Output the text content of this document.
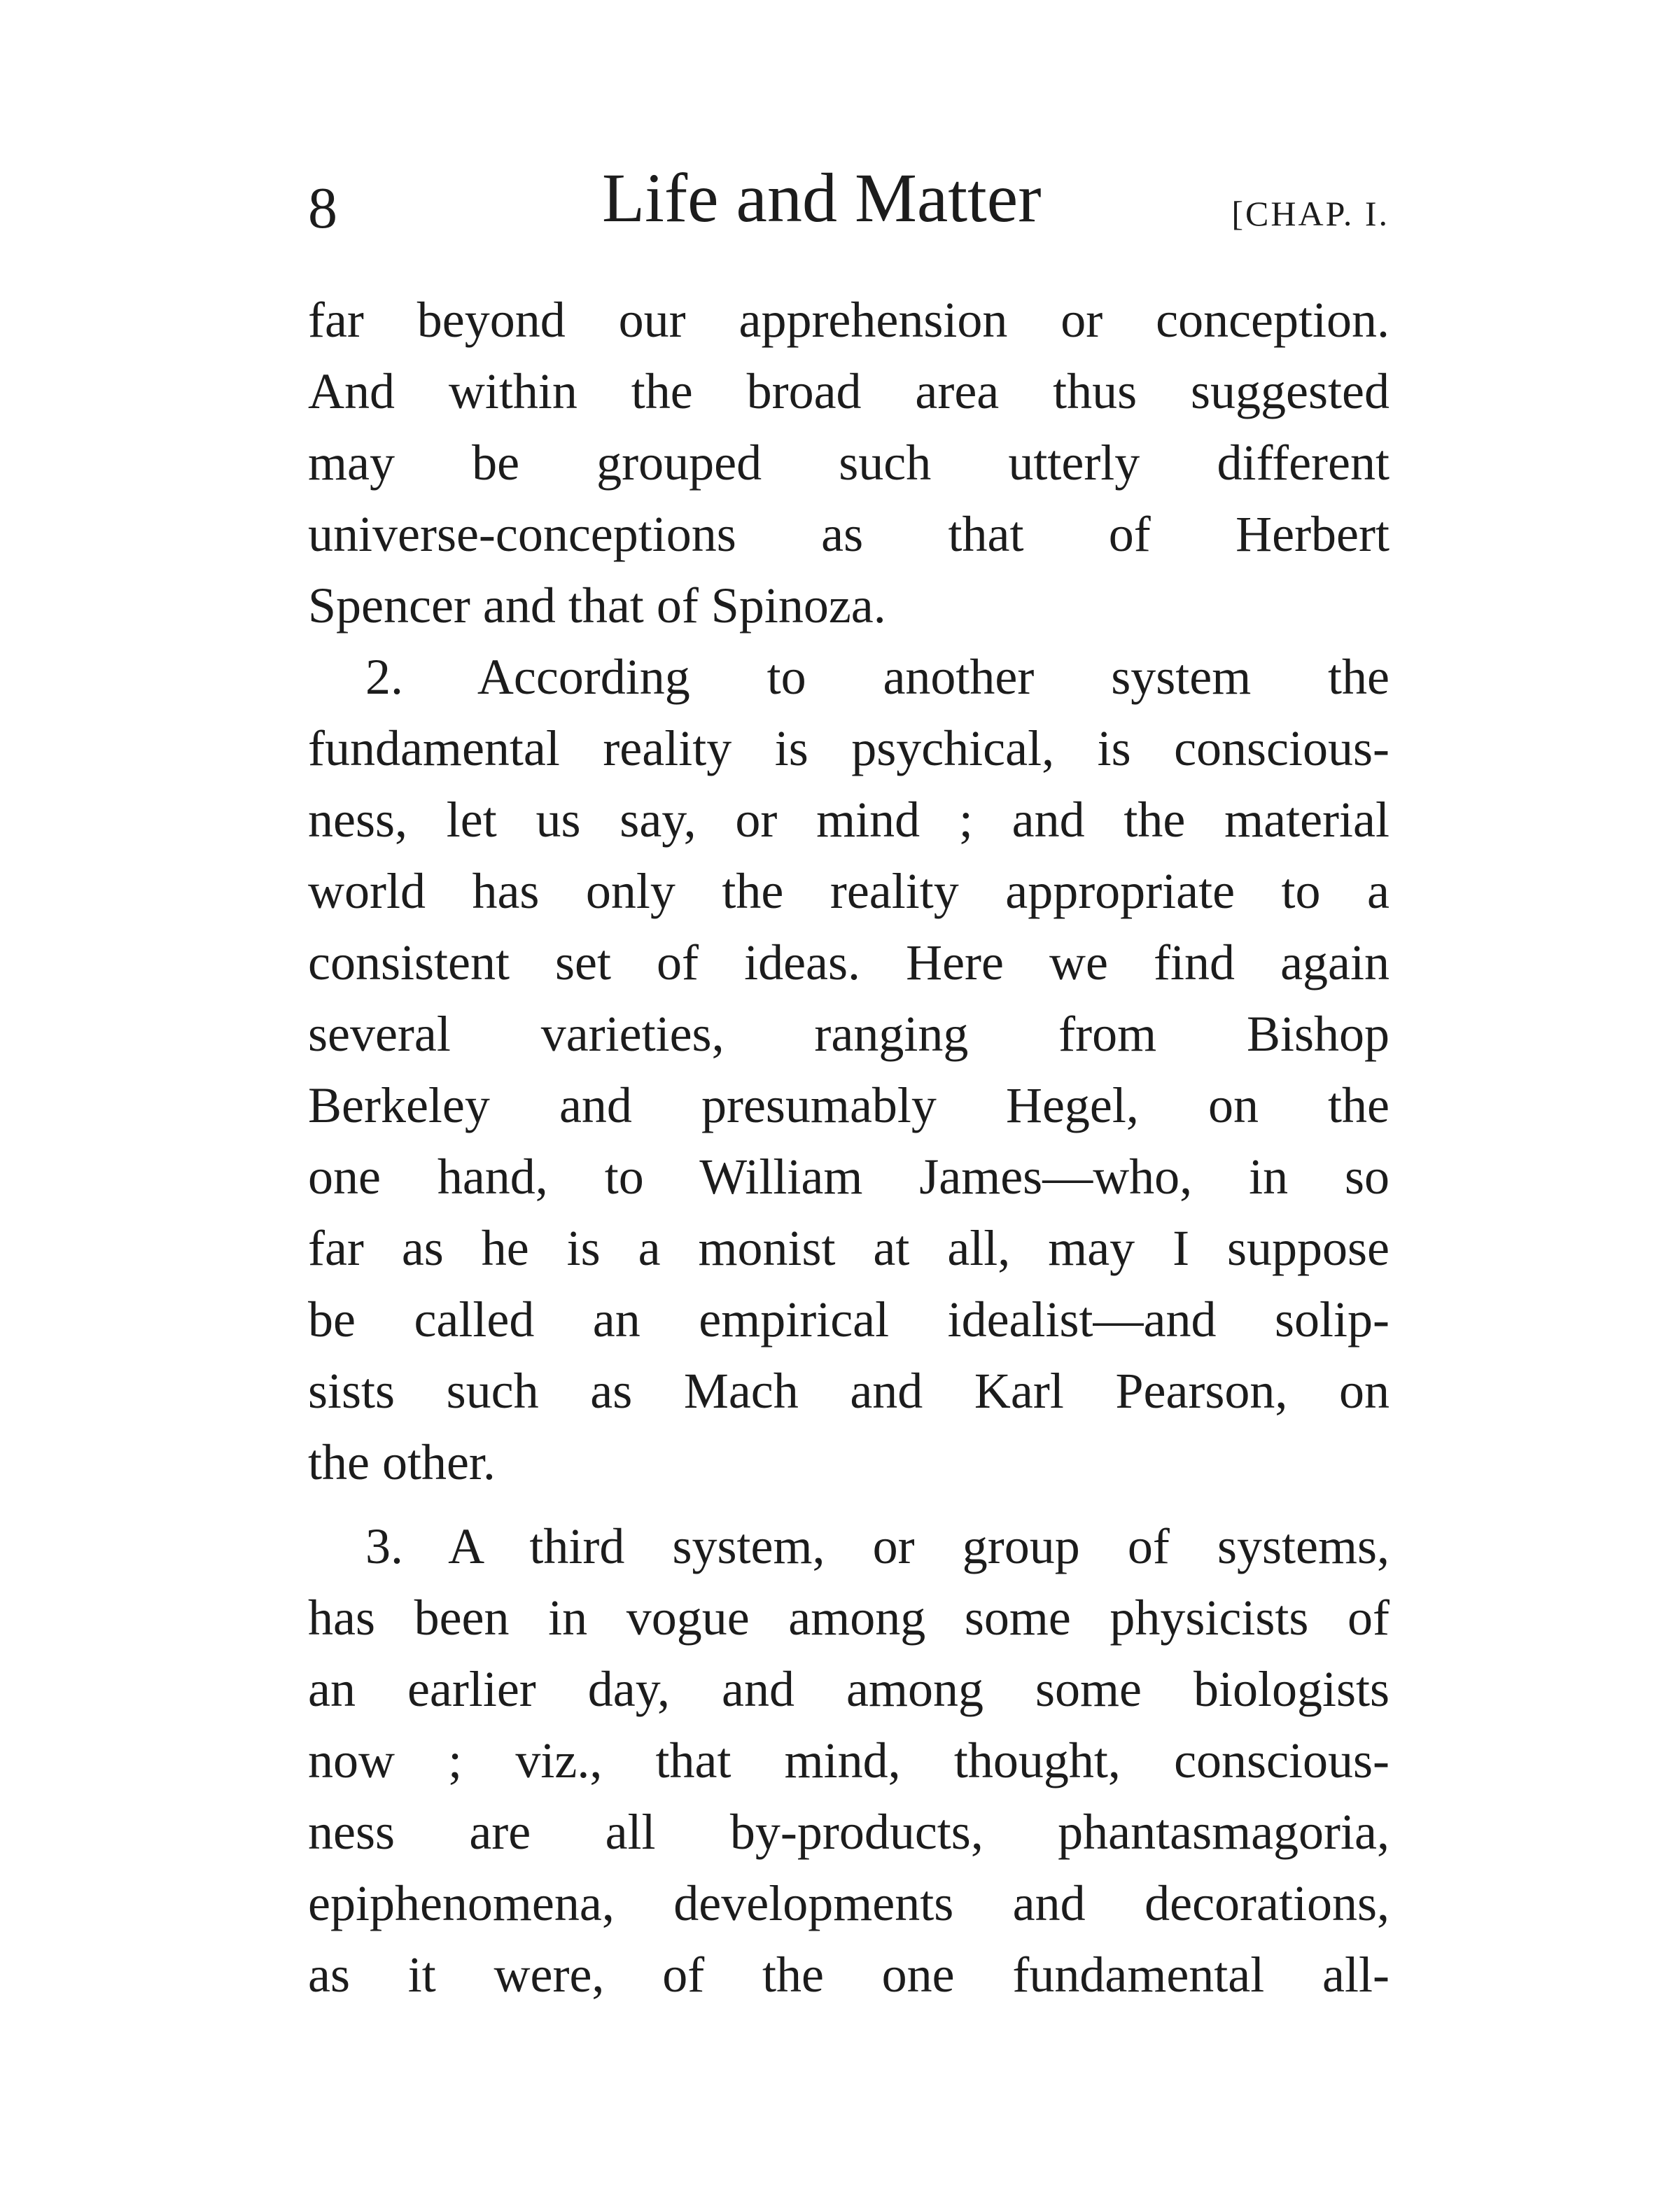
8	Life and Matter	[CHAP. I.
far beyond our apprehension or conception.
And within the broad area thus suggested
may be grouped such utterly different
universe-conceptions as that of Herbert
Spencer and that of Spinoza.
2. According to another system the
fundamental reality is psychical, is conscious-
ness, let us say, or mind ; and the material
world has only the reality appropriate to a
consistent set of ideas. Here we find again
several varieties, ranging from Bishop
Berkeley and presumably Hegel, on the
one hand, to William James—who, in so
far as he is a monist at all, may I suppose
be called an empirical idealist—and solip-
sists such as Mach and Karl Pearson, on
the other.
3. A third system, or group of systems,
has been in vogue among some physicists of
an earlier day, and among some biologists
now ; viz., that mind, thought, conscious-
ness are all by-products, phantasmagoria,
epiphenomena, developments and decorations,
as it were, of the one fundamental all-
